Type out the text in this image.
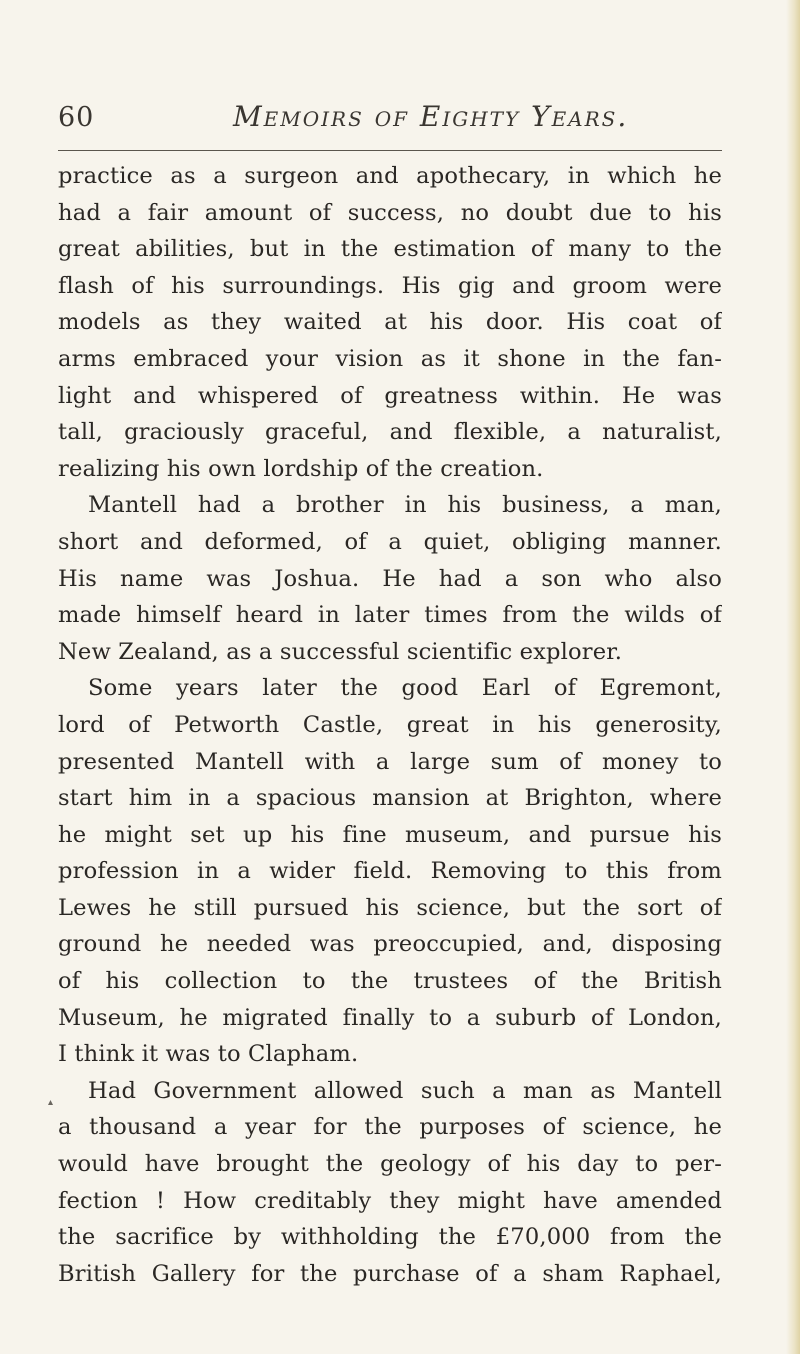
60	Memoirs of Eighty Years.
practice as a surgeon and apothecary, in which he
had a fair amount of success, no doubt due to his
great abilities, but in the estimation of many to the
flash of his surroundings. His gig and groom were
models as they waited at his door. His coat of
arms embraced your vision as it shone in the fan-
light and whispered of greatness within. He was
tall, graciously graceful, and flexible, a naturalist,
realizing his own lordship of the creation.
Mantell had a brother in his business, a man,
short and deformed, of a quiet, obliging manner.
His name was Joshua. He had a son who also
made himself heard in later times from the wilds of
New Zealand, as a successful scientific explorer.
Some years later the good Earl of Egremont,
lord of Petworth Castle, great in his generosity,
presented Mantell with a large sum of money to
start him in a spacious mansion at Brighton, where
he might set up his fine museum, and pursue his
profession in a wider field. Removing to this from
Lewes he still pursued his science, but the sort of
ground he needed was preoccupied, and, disposing
of his collection to the trustees of the British
Museum, he migrated finally to a suburb of London,
I think it was to Clapham.
Had Government allowed such a man as Mantell
a thousand a year for the purposes of science, he
would have brought the geology of his day to per-
fection ! How creditably they might have amended
the sacrifice by withholding the £70,000 from the
British Gallery for the purchase of a sham Raphael,
